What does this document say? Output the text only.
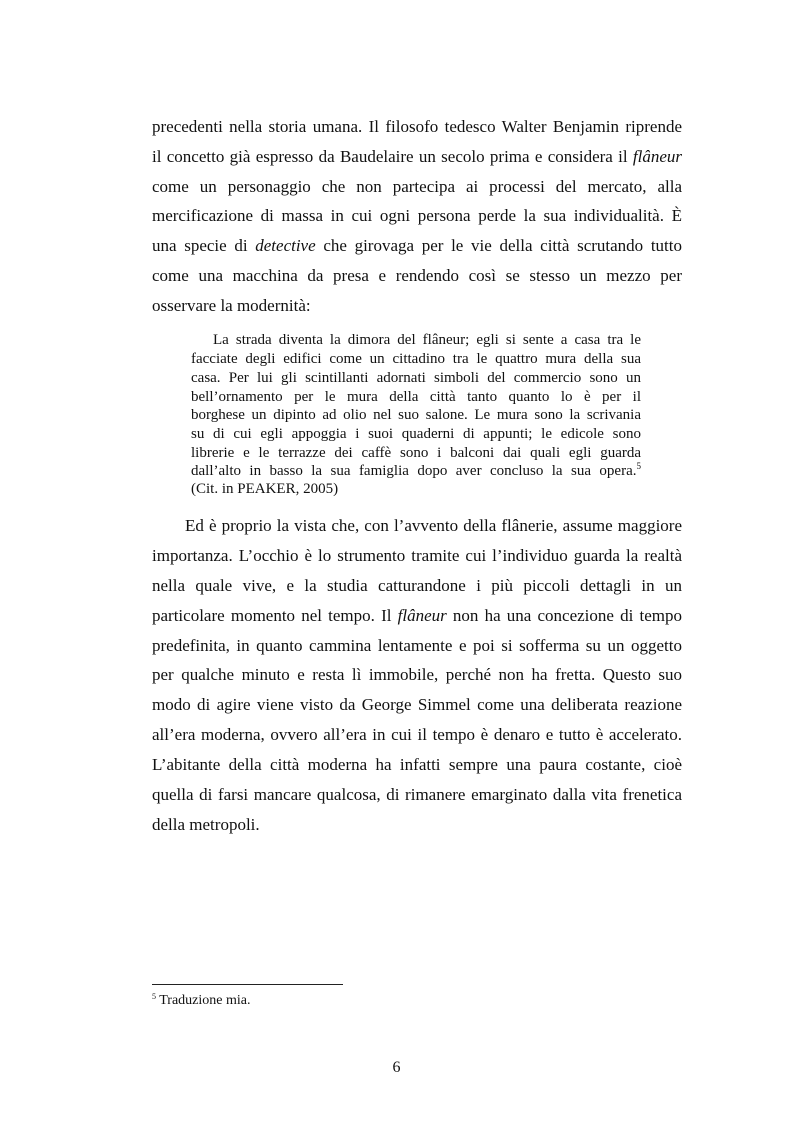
precedenti nella storia umana. Il filosofo tedesco Walter Benjamin riprende
il concetto già espresso da Baudelaire un secolo prima e considera il flâneur
come un personaggio che non partecipa ai processi del mercato, alla
mercificazione di massa in cui ogni persona perde la sua individualità. È
una specie di detective che girovaga per le vie della città scrutando tutto
come una macchina da presa e rendendo così se stesso un mezzo per
osservare la modernità:
La strada diventa la dimora del flâneur; egli si sente a casa tra le
facciate degli edifici come un cittadino tra le quattro mura della sua
casa. Per lui gli scintillanti adornati simboli del commercio sono un
bell’ornamento per le mura della città tanto quanto lo è per il
borghese un dipinto ad olio nel suo salone. Le mura sono la scrivania
su di cui egli appoggia i suoi quaderni di appunti; le edicole sono
librerie e le terrazze dei caffè sono i balconi dai quali egli guarda
dall’alto in basso la sua famiglia dopo aver concluso la sua opera.$^5$
(Cit. in PEAKER, 2005)
Ed è proprio la vista che, con l’avvento della flânerie, assume maggiore
importanza. L’occhio è lo strumento tramite cui l’individuo guarda la realtà
nella quale vive, e la studia catturandone i più piccoli dettagli in un
particolare momento nel tempo. Il flâneur non ha una concezione di tempo
predefinita, in quanto cammina lentamente e poi si sofferma su un oggetto
per qualche minuto e resta lì immobile, perché non ha fretta. Questo suo
modo di agire viene visto da George Simmel come una deliberata reazione
all’era moderna, ovvero all’era in cui il tempo è denaro e tutto è accelerato.
L’abitante della città moderna ha infatti sempre una paura costante, cioè
quella di farsi mancare qualcosa, di rimanere emarginato dalla vita frenetica
della metropoli.
$^5$ Traduzione mia.
6
